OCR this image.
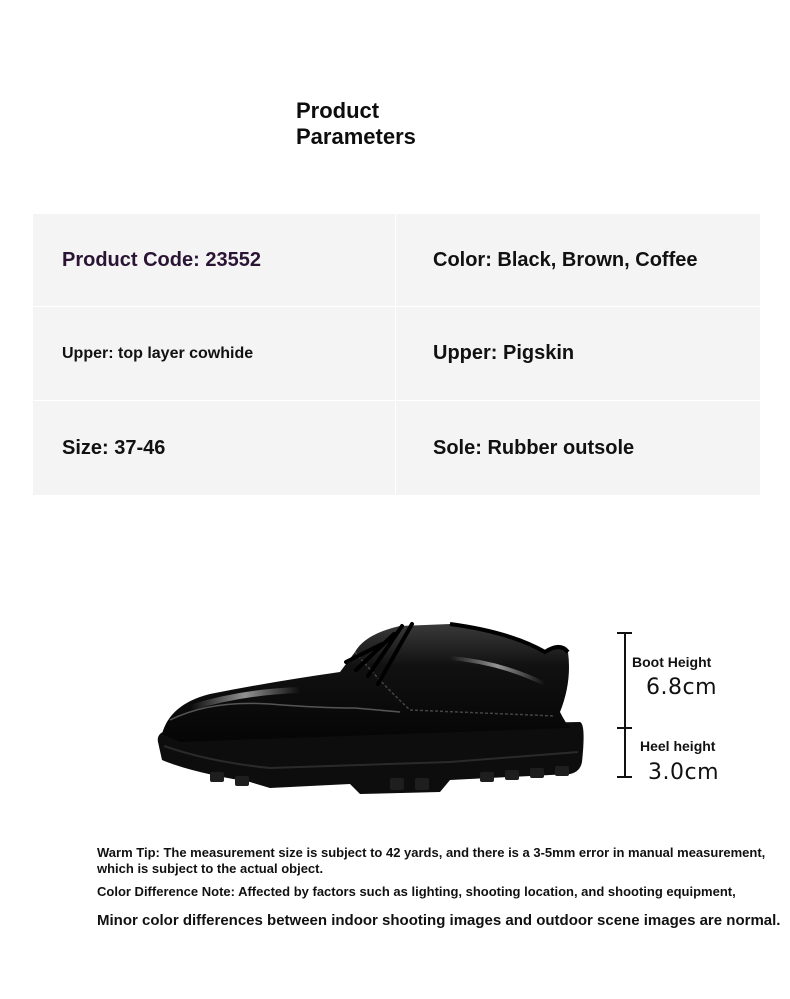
Product
Parameters
Product Code: 23552	Color: Black, Brown, Coffee
Upper: top layer cowhide	Upper: Pigskin
Size: 37-46	Sole: Rubber outsole
Boot Height
6.8cm
Heel height
3.0cm
Warm Tip: The measurement size is subject to 42 yards, and there is a 3-5mm error in manual measurement, which is subject to the actual object.
Color Difference Note: Affected by factors such as lighting, shooting location, and shooting equipment,
Minor color differences between indoor shooting images and outdoor scene images are normal.
